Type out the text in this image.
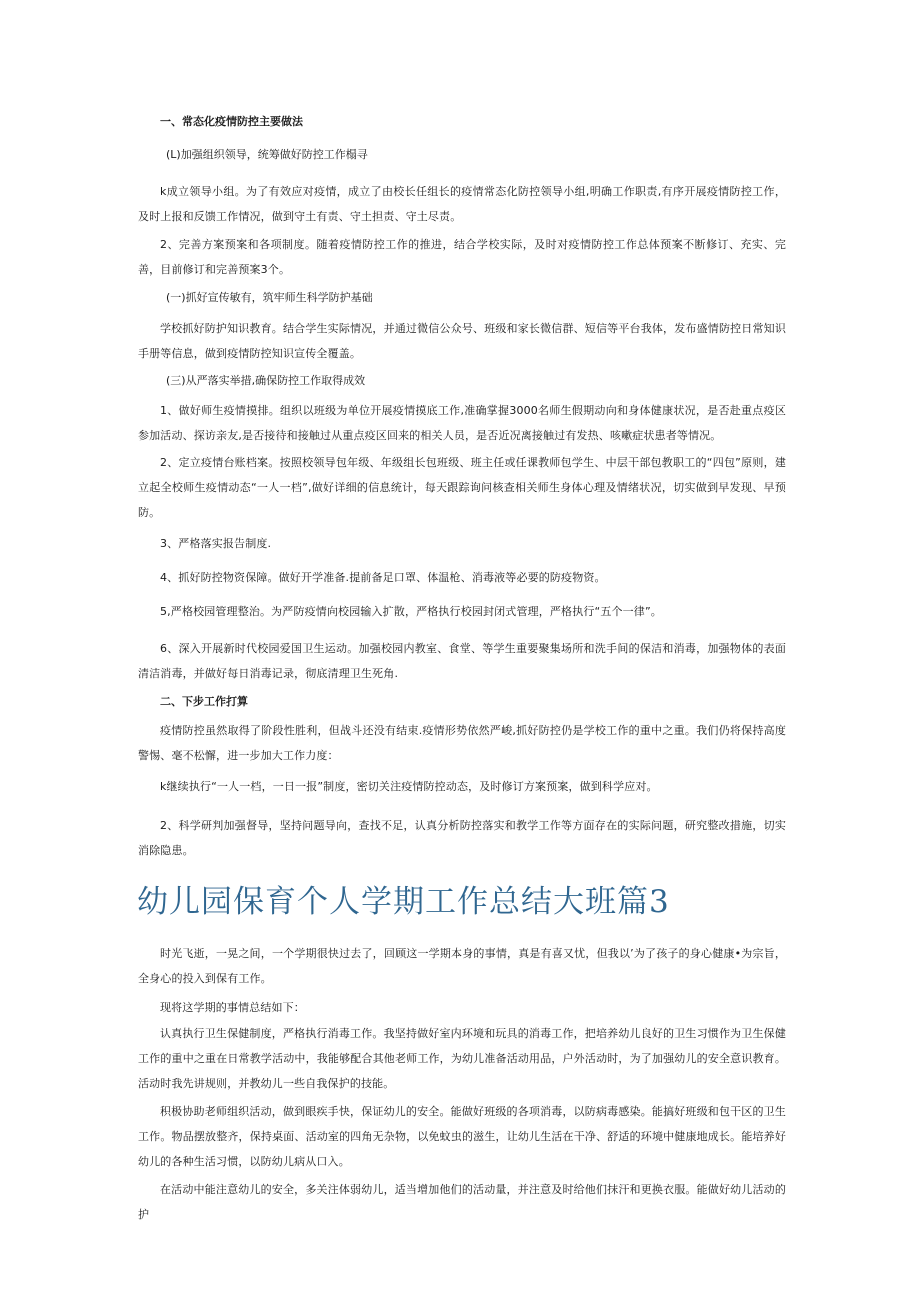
一、常态化疫情防控主要做法
(L)加强组织领导，统筹做好防控工作榻寻
k成立领导小组。为了有效应对疫情，成立了由校长任组长的疫情常态化防控领导小组,明确工作职责,有序开展疫情防控工作，及时上报和反馈工作情况，做到守土有责、守土担责、守土尽责。
2、完善方案预案和各项制度。随着疫情防控工作的推进，结合学校实际，及时对疫情防控工作总体预案不断修订、充实、完善，目前修订和完善预案3个。
(一)抓好宣传敏有，筑牢师生科学防护基础
学校抓好防护知识教育。结合学生实际情况，并通过微信公众号、班级和家长微信群、短信等平台我体，发布盛情防控日常知识手册等信息，做到疫情防控知识宣传全覆盖。
(三)从严落实举措,确保防控工作取得成效
1、做好师生疫情摸排。组织以班级为单位开展疫情摸底工作,准确掌握3000名师生假期动向和身体健康状况，是否赴重点疫区参加活动、探访亲友,是否接待和接触过从重点疫区回来的相关人员，是否近况离接触过有发热、咳嗽症状患者等情况。
2、定立疫情台账档案。按照校领导包年级、年级组长包班级、班主任或任课教师包学生、中层干部包教职工的“四包”原则，建立起全校师生疫情动态“一人一档”,做好详细的信息统计，每天跟踪询问核查相关师生身体心理及情绪状况，切实做到早发现、早预防。
3、严格落实报告制度.
4、抓好防控物资保障。做好开学准备.提前备足口罩、体温枪、消毒液等必要的防疫物资。
5,严格校园管理整治。为严防疫情向校园输入扩散，严格执行校园封闭式管理，严格执行“五个一律”。
6、深入开展新时代校园爱国卫生运动。加强校园内教室、食堂、等学生重要聚集场所和洗手间的保洁和消毒，加强物体的表面清洁消毒，并做好每日消毒记录，彻底清理卫生死角.
二、下步工作打算
疫情防控虽然取得了阶段性胜利，但战斗还没有结束.疫情形势依然严峻,抓好防控仍是学校工作的重中之重。我们仍将保持高度警惕、毫不松懈，进一步加大工作力度：
k继续执行“一人一档，一日一报”制度，密切关注疫情防控动态，及时修订方案预案，做到科学应对。
2、科学研判加强督导，坚持问题导向，查找不足，认真分析防控落实和教学工作等方面存在的实际问题，研究整改措施，切实消除隐患。
幼儿园保育个人学期工作总结大班篇3
时光飞逝，一晃之间，一个学期很快过去了，回顾这一学期本身的事情，真是有喜又忧，但我以’为了孩子的身心健康•为宗旨，全身心的投入到保有工作。
现将这学期的事情总结如下：
认真执行卫生保健制度，严格执行消毒工作。我坚持做好室内环境和玩具的消毒工作，把培养幼儿良好的卫生习惯作为卫生保健工作的重中之重在日常教学活动中，我能够配合其他老师工作，为幼儿准备活动用品，户外活动时，为了加强幼儿的安全意识教育。活动时我先讲规则，并教幼儿一些自我保护的技能。
积极协助老师组织活动，做到眼疾手快，保证幼儿的安全。能做好班级的各项消毒，以防病毒感染。能搞好班级和包干区的卫生工作。物品摆放整齐，保持桌面、活动室的四角无杂物，以免蚊虫的滋生，让幼儿生活在干净、舒适的环境中健康地成长。能培养好幼儿的各种生活习惯，以防幼儿病从口入。
在活动中能注意幼儿的安全，多关注体弱幼儿，适当增加他们的活动量，并注意及时给他们抹汗和更换衣服。能做好幼儿活动的护
